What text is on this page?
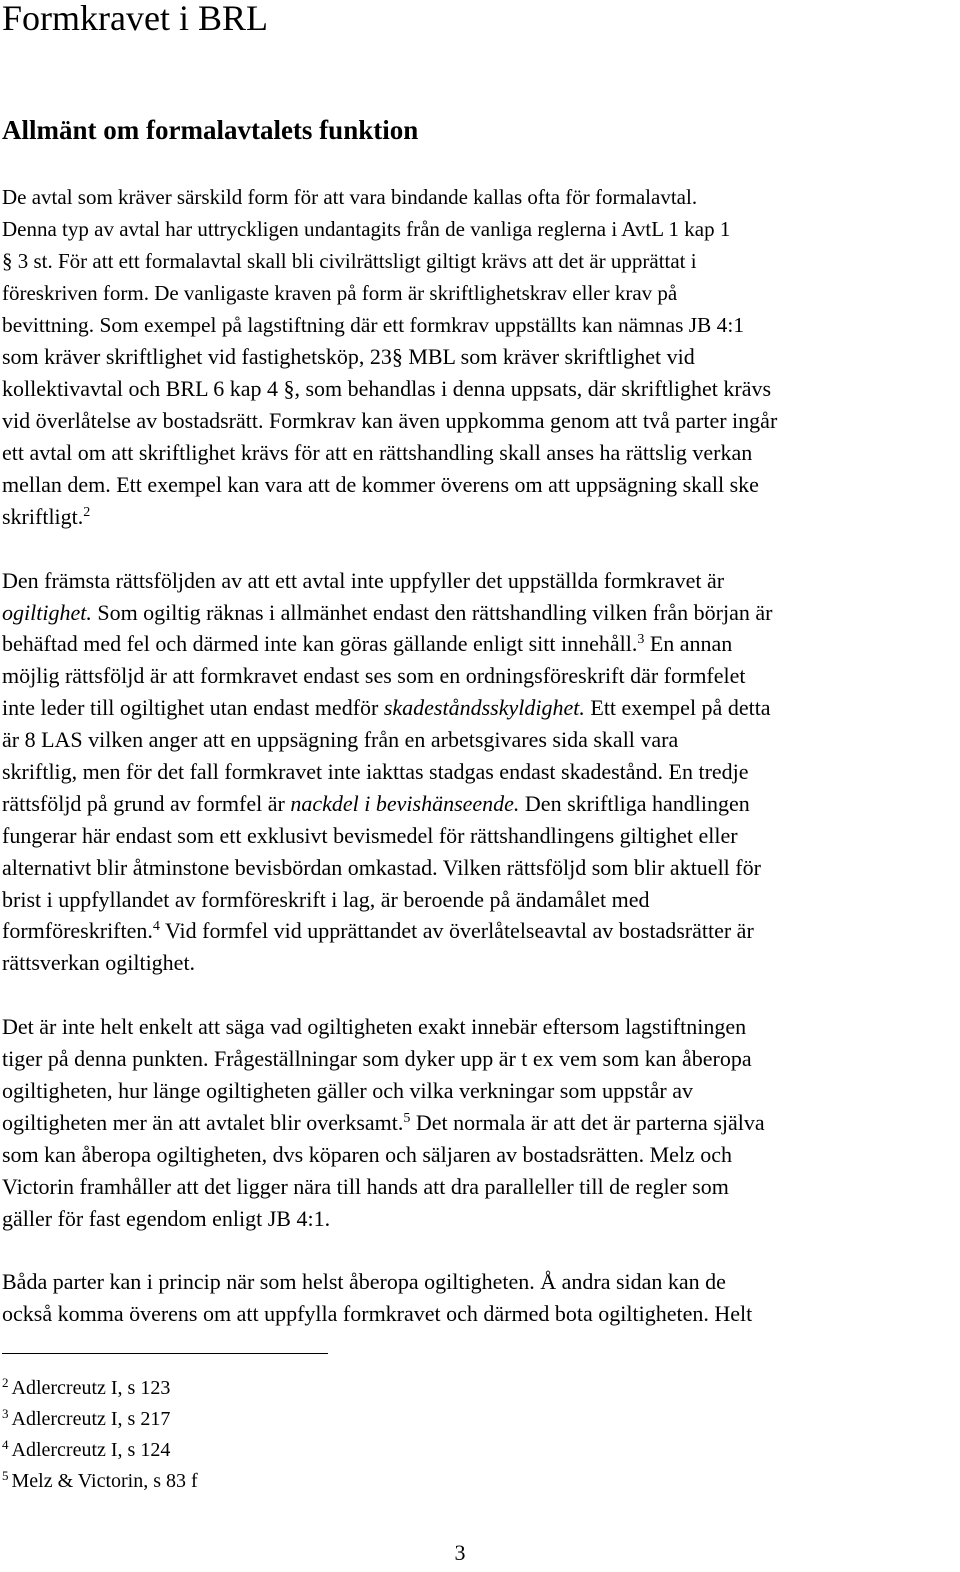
Formkravet i BRL
Allmänt om formalavtalets funktion
De avtal som kräver särskild form för att vara bindande kallas ofta för formalavtal.
Denna typ av avtal har uttryckligen undantagits från de vanliga reglerna i AvtL 1 kap 1
§ 3 st. För att ett formalavtal skall bli civilrättsligt giltigt krävs att det är upprättat i
föreskriven form. De vanligaste kraven på form är skriftlighetskrav eller krav på
bevittning. Som exempel på lagstiftning där ett formkrav uppställts kan nämnas JB 4:1
som kräver skriftlighet vid fastighetsköp, 23§ MBL som kräver skriftlighet vid
kollektivavtal och BRL 6 kap 4 §, som behandlas i denna uppsats, där skriftlighet krävs
vid överlåtelse av bostadsrätt. Formkrav kan även uppkomma genom att två parter ingår
ett avtal om att skriftlighet krävs för att en rättshandling skall anses ha rättslig verkan
mellan dem. Ett exempel kan vara att de kommer överens om att uppsägning skall ske
skriftligt.$^2$
Den främsta rättsföljden av att ett avtal inte uppfyller det uppställda formkravet är
ogiltighet. Som ogiltig räknas i allmänhet endast den rättshandling vilken från början är
behäftad med fel och därmed inte kan göras gällande enligt sitt innehåll.$^3$ En annan
möjlig rättsföljd är att formkravet endast ses som en ordningsföreskrift där formfelet
inte leder till ogiltighet utan endast medför skadeståndsskyldighet. Ett exempel på detta
är 8 LAS vilken anger att en uppsägning från en arbetsgivares sida skall vara
skriftlig, men för det fall formkravet inte iakttas stadgas endast skadestånd. En tredje
rättsföljd på grund av formfel är nackdel i bevishänseende. Den skriftliga handlingen
fungerar här endast som ett exklusivt bevismedel för rättshandlingens giltighet eller
alternativt blir åtminstone bevisbördan omkastad. Vilken rättsföljd som blir aktuell för
brist i uppfyllandet av formföreskrift i lag, är beroende på ändamålet med
formföreskriften.$^4$ Vid formfel vid upprättandet av överlåtelseavtal av bostadsrätter är
rättsverkan ogiltighet.
Det är inte helt enkelt att säga vad ogiltigheten exakt innebär eftersom lagstiftningen
tiger på denna punkten. Frågeställningar som dyker upp är t ex vem som kan åberopa
ogiltigheten, hur länge ogiltigheten gäller och vilka verkningar som uppstår av
ogiltigheten mer än att avtalet blir overksamt.$^5$ Det normala är att det är parterna själva
som kan åberopa ogiltigheten, dvs köparen och säljaren av bostadsrätten. Melz och
Victorin framhåller att det ligger nära till hands att dra paralleller till de regler som
gäller för fast egendom enligt JB 4:1.
Båda parter kan i princip när som helst åberopa ogiltigheten. Å andra sidan kan de
också komma överens om att uppfylla formkravet och därmed bota ogiltigheten. Helt
$^2$ Adlercreutz I, s 123
$^3$ Adlercreutz I, s 217
$^4$ Adlercreutz I, s 124
$^5$ Melz & Victorin, s 83 f
3
